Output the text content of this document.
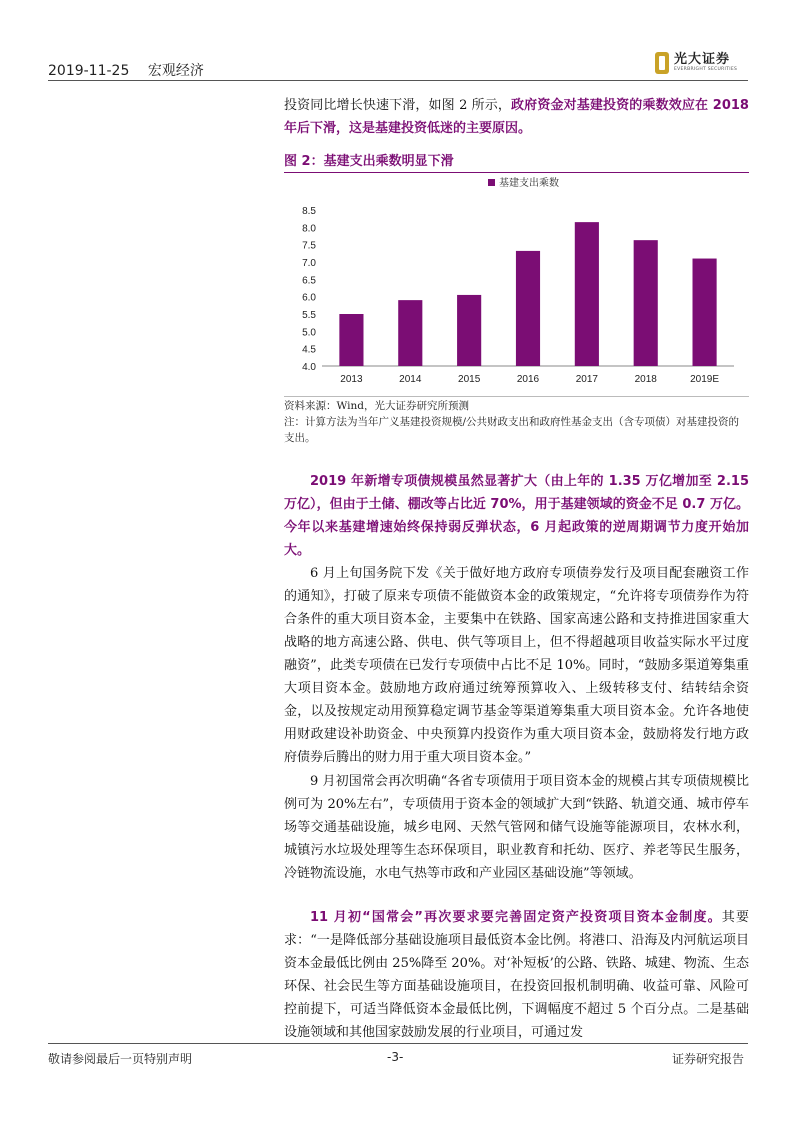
2019-11-25 宏观经济
光大证券
EVERBRIGHT SECURITIES

投资同比增长快速下滑，如图 2 所示，政府资金对基建投资的乘数效应在 2018 年后下滑，这是基建投资低迷的主要原因。

图 2：基建支出乘数明显下滑
4.0
4.5
5.0
5.5
6.0
6.5
7.0
7.5
8.0
8.5
2013	2014	2015	2016	2017	2018	2019E
基建支出乘数
资料来源：Wind，光大证券研究所预测
注：计算方法为当年广义基建投资规模/公共财政支出和政府性基金支出（含专项债）对基建投资的支出。

2019 年新增专项债规模虽然显著扩大（由上年的 1.35 万亿增加至 2.15 万亿），但由于土储、棚改等占比近 70%，用于基建领域的资金不足 0.7 万亿。今年以来基建增速始终保持弱反弹状态，6 月起政策的逆周期调节力度开始加大。

6 月上旬国务院下发《关于做好地方政府专项债券发行及项目配套融资工作的通知》，打破了原来专项债不能做资本金的政策规定，“允许将专项债券作为符合条件的重大项目资本金，主要集中在铁路、国家高速公路和支持推进国家重大战略的地方高速公路、供电、供气等项目上，但不得超越项目收益实际水平过度融资”，此类专项债在已发行专项债中占比不足 10%。同时，“鼓励多渠道筹集重大项目资本金。鼓励地方政府通过统筹预算收入、上级转移支付、结转结余资金，以及按规定动用预算稳定调节基金等渠道筹集重大项目资本金。允许各地使用财政建设补助资金、中央预算内投资作为重大项目资本金，鼓励将发行地方政府债券后腾出的财力用于重大项目资本金。”

9 月初国常会再次明确“各省专项债用于项目资本金的规模占其专项债规模比例可为 20%左右”，专项债用于资本金的领域扩大到“铁路、轨道交通、城市停车场等交通基础设施，城乡电网、天然气管网和储气设施等能源项目，农林水利，城镇污水垃圾处理等生态环保项目，职业教育和托幼、医疗、养老等民生服务，冷链物流设施，水电气热等市政和产业园区基础设施”等领域。

11 月初“国常会”再次要求要完善固定资产投资项目资本金制度。其要求：“一是降低部分基础设施项目最低资本金比例。将港口、沿海及内河航运项目资本金最低比例由 25%降至 20%。对‘补短板’的公路、铁路、城建、物流、生态环保、社会民生等方面基础设施项目，在投资回报机制明确、收益可靠、风险可控前提下，可适当降低资本金最低比例，下调幅度不超过 5 个百分点。二是基础设施领域和其他国家鼓励发展的行业项目，可通过发

敬请参阅最后一页特别声明	-3-	证券研究报告
